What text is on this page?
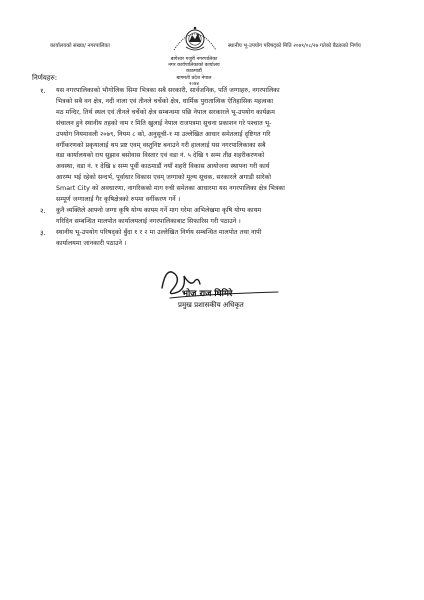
कार्यालयको संख्या/ नगरपालिका
बागेश्वर गजुरी नगरपालिका
नगर कार्यपालिकाको कार्यालय
काठमाडौं
बागमती प्रदेश नेपाल
२०७४
स्थानीय भू-उपयोग परिषद्को मिति २०७९/०८/२७ गतेको बैठकको निर्णय
निर्णयहरु:
१. यस नगरपालिकाको भौगोलिक सिमा भित्रका सबै सरकारी, सार्वजनिक, पर्ति जग्गाहरु, नगरपालिका
भित्रको सबै वन क्षेत्र, नदी नाला एवं तीनले चर्चेको क्षेत्र, धार्मिक पुरातात्विक ऐतिहासिक महत्वका
मठ मन्दिर, तिर्थ स्थल एवं तीनले चर्चेको क्षेत्र सम्बन्धमा पछि नेपाल सरकारले भू-उपयोग कार्यक्रम
संचालन हुने स्थानीय तहको नाम र मिति खुलाई नेपाल राजपत्रमा सूचना प्रकाशन गरे पश्चात भू-
उपयोग नियमावली २०७९, नियम ८ को, अनुसूची-१ मा उल्लेखित आधार समेतलाई दृष्टिगत गरि
वर्गीकरणको प्रकृयालाई थप प्रष्ट एवम् वस्तुनिष्ट बनाउने गरी हाललाई यस नगरपालिकाका सबै
वडा कार्यालयको राय सुझाव बसोवास विस्तार एवं वडा नं. ५ देखि ९ सम्म तीव्र शहरीकरणको
अवस्था, वडा नं. १ देखि ४ सम्म पूर्वी काठमाडौं नयाँ शहरी विकास आयोजना स्थापना गरी कार्य
आरम्भ भई रहेको सन्दर्भ, पूर्वाधार विकास एवम् जग्गाको मूल्य सूचक, सरकारले अगाडी सारेको
Smart City को अवधारणा, नागरिकको माग रुची समेतका आधारमा यस नगरपालिका क्षेत्र भित्रका
सम्पूर्ण जग्गालाई गैर कृषिक्षेत्रको रुपमा वर्गीकरण गर्ने ।
२. कुनै व्यक्तिले आफ्नो जग्गा कृषि योग्य कायम गर्ने माग गरेमा अभिलेखमा कृषि योग्य कायम
गरिदिन सम्बन्धित मालपोत कार्यालयलाई नगरपालिकाबाट सिफारिस गरी पठाउने ।
३. स्थानीय भू-उपयोग परिषद्को बुँदा १ र २ मा उल्लेखित निर्णय सम्बन्धित मालपोत तथा नापी
कार्यालयमा जानकारी पठाउने ।
भोज राज घिमिरे
प्रमुख प्रशासकीय अधिकृत
